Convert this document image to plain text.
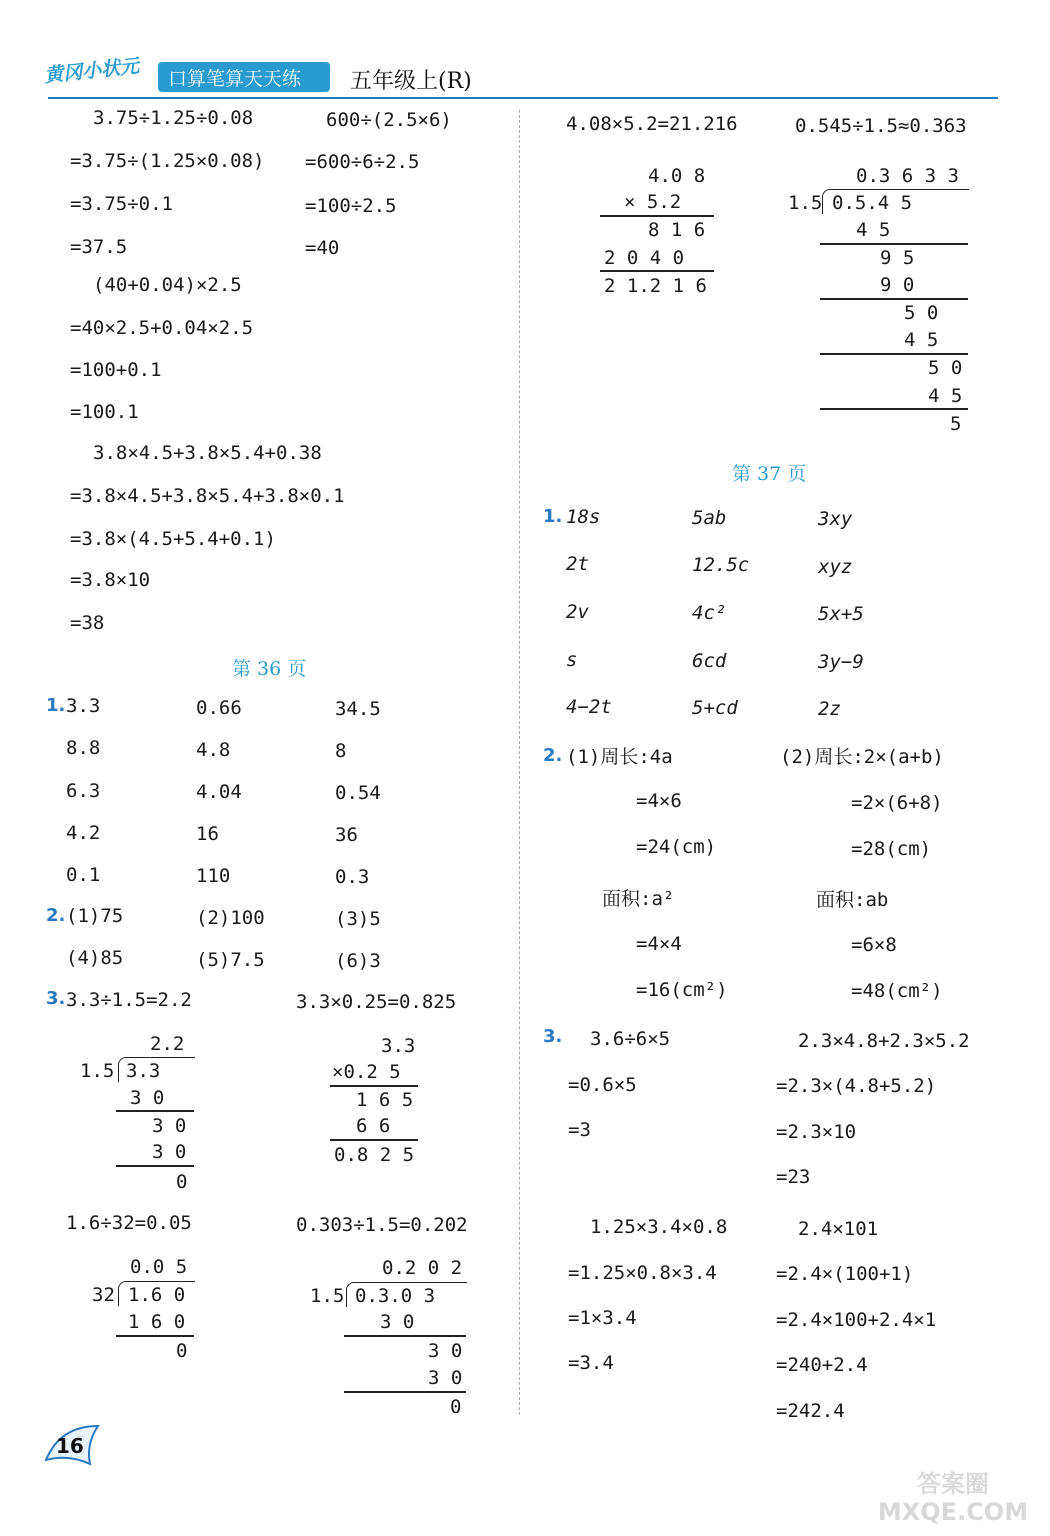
黄冈小状元 口算笔算天天练 五年级上(R)
3.75÷1.25÷0.08
=3.75÷(1.25×0.08)
=3.75÷0.1
=37.5
600÷(2.5×6)
=600÷6÷2.5
=100÷2.5
=40
(40+0.04)×2.5
=40×2.5+0.04×2.5
=100+0.1
=100.1
3.8×4.5+3.8×5.4+0.38
=3.8×4.5+3.8×5.4+3.8×0.1
=3.8×(4.5+5.4+0.1)
=3.8×10
=38
第 36 页
1. 3.3	0.66	34.5
8.8	4.8	8
6.3	4.04	0.54
4.2	16	36
0.1	110	0.3
2. (1)75	(2)100	(3)5
(4)85	(5)7.5	(6)3
3. 3.3÷1.5=2.2	3.3×0.25=0.825
2.2
1.5 3.3
3 0
3 0
3 0
0
3.3
×0.2 5
1 6 5
6 6
0.8 2 5
1.6÷32=0.05	0.303÷1.5=0.202
0.0 5
32 1.6 0
1 6 0
0
0.2 0 2
1.5 0.3.0 3
3 0
3 0
3 0
0
4.08×5.2=21.216	0.545÷1.5≈0.363
4.0 8
× 5.2
8 1 6
2 0 4 0
2 1.2 1 6
0.3 6 3 3
1.5 0.5.4 5
4 5
9 5
9 0
5 0
4 5
5 0
4 5
5
第 37 页
1. 18s	5ab	3xy
2t	12.5c	xyz
2v	4c²	5x+5
s	6cd	3y−9
4−2t	5+cd	2z
2. (1)周长:4a
=4×6
=24(cm)
面积:a²
=4×4
=16(cm²)
(2)周长:2×(a+b)
=2×(6+8)
=28(cm)
面积:ab
=6×8
=48(cm²)
3. 3.6÷6×5
=0.6×5
=3
2.3×4.8+2.3×5.2
=2.3×(4.8+5.2)
=2.3×10
=23
1.25×3.4×0.8
=1.25×0.8×3.4
=1×3.4
=3.4
2.4×101
=2.4×(100+1)
=2.4×100+2.4×1
=240+2.4
=242.4
16
答案圈 MXQE.COM
